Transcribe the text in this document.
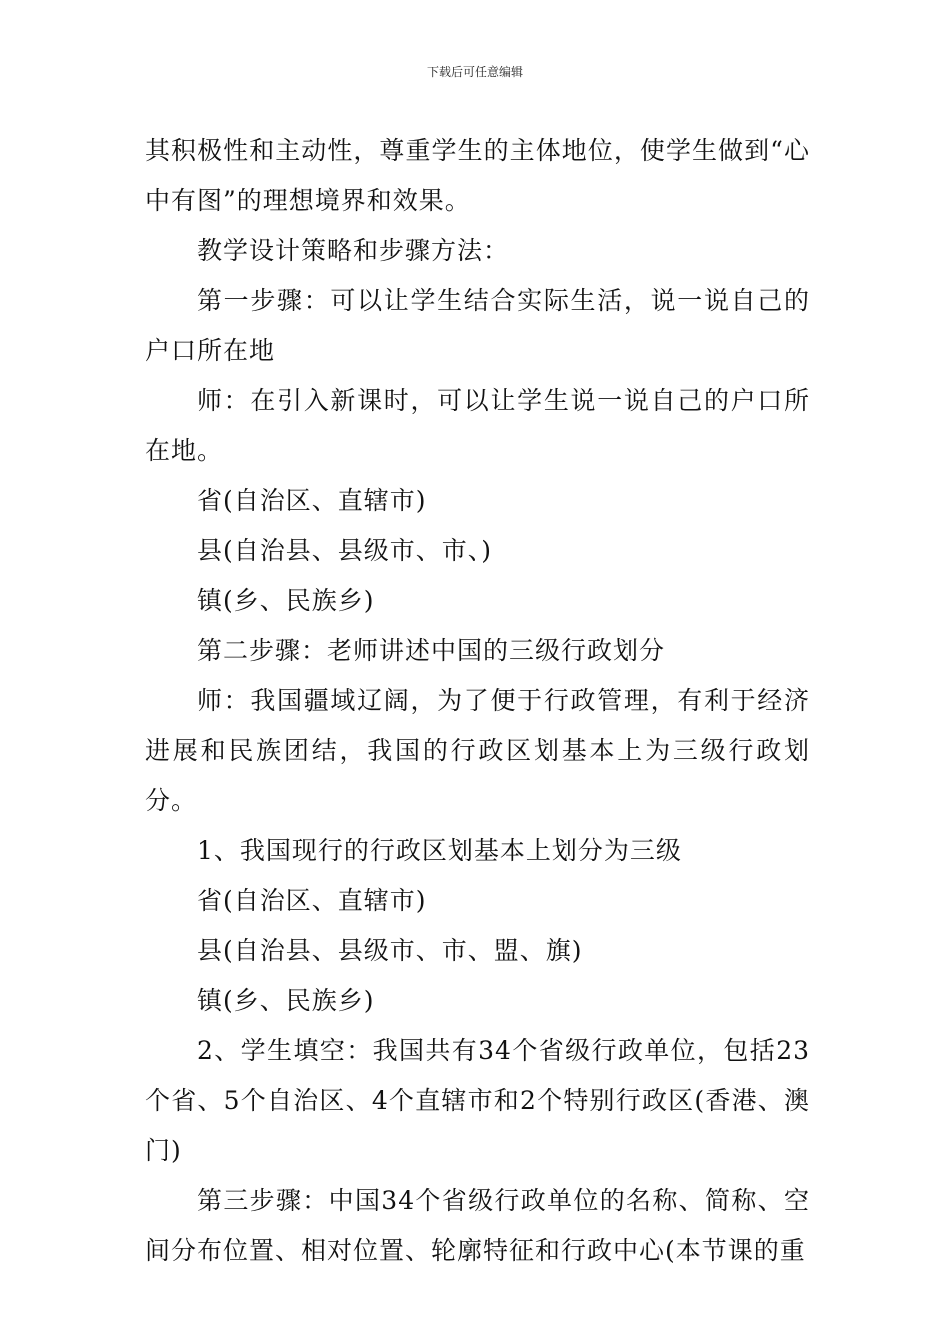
下载后可任意编辑

其积极性和主动性，尊重学生的主体地位，使学生做到“心中有图”的理想境界和效果。

教学设计策略和步骤方法：

第一步骤：可以让学生结合实际生活，说一说自己的户口所在地

师：在引入新课时，可以让学生说一说自己的户口所在地。

省(自治区、直辖市)

县(自治县、县级市、市、)

镇(乡、民族乡)

第二步骤：老师讲述中国的三级行政划分

师：我国疆域辽阔，为了便于行政管理，有利于经济进展和民族团结，我国的行政区划基本上为三级行政划分。

1、我国现行的行政区划基本上划分为三级

省(自治区、直辖市)

县(自治县、县级市、市、盟、旗)

镇(乡、民族乡)

2、学生填空：我国共有34个省级行政单位，包括23个省、5个自治区、4个直辖市和2个特别行政区(香港、澳门)

第三步骤：中国34个省级行政单位的名称、简称、空间分布位置、相对位置、轮廓特征和行政中心(本节课的重
